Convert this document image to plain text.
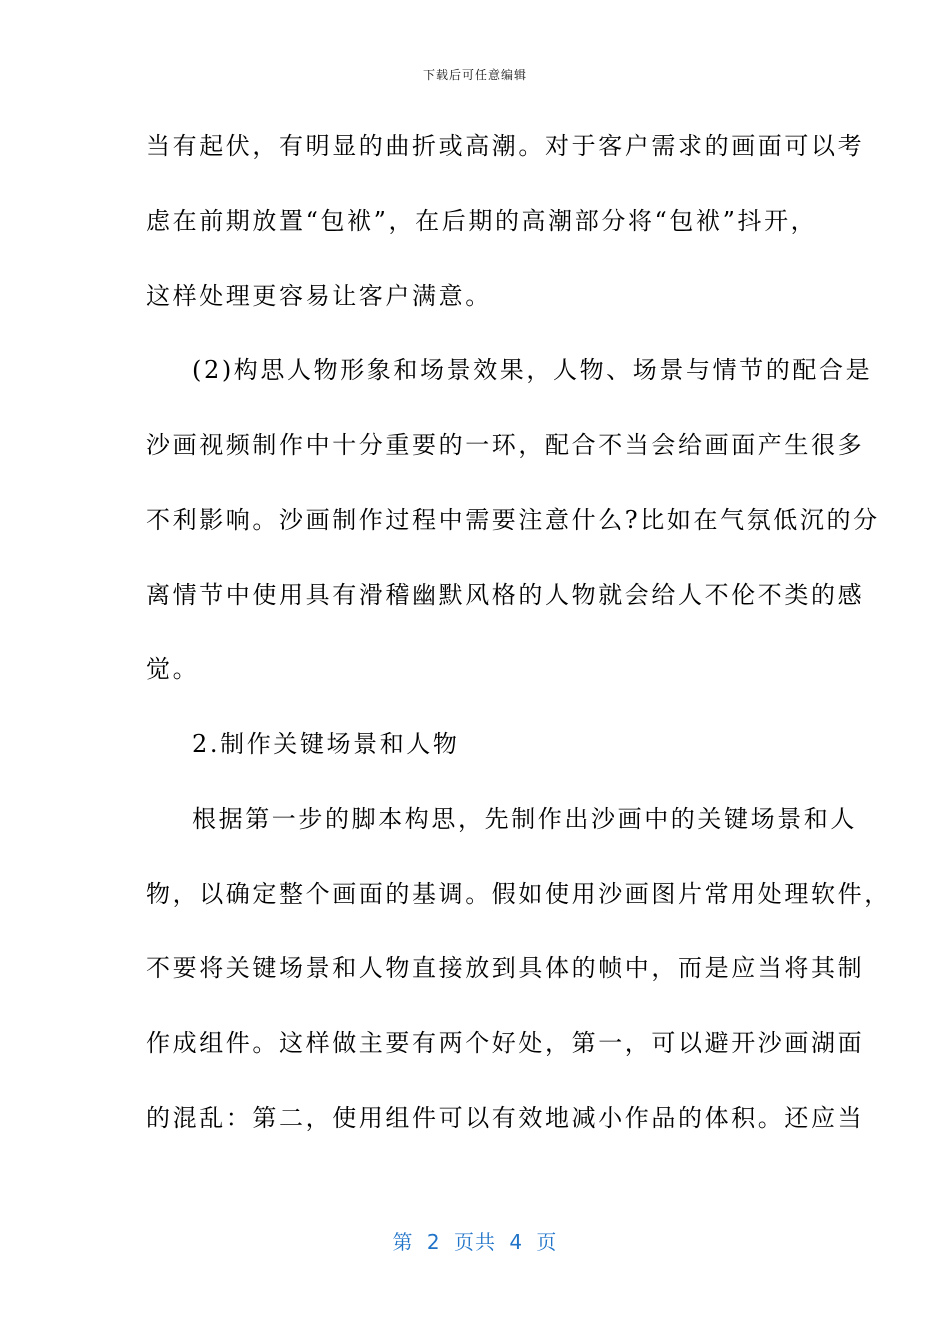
下载后可任意编辑
当有起伏，有明显的曲折或高潮。对于客户需求的画面可以考
虑在前期放置“包袱”，在后期的高潮部分将“包袱”抖开，
这样处理更容易让客户满意。
(2)构思人物形象和场景效果，人物、场景与情节的配合是
沙画视频制作中十分重要的一环，配合不当会给画面产生很多
不利影响。沙画制作过程中需要注意什么?比如在气氛低沉的分
离情节中使用具有滑稽幽默风格的人物就会给人不伦不类的感
觉。
2.制作关键场景和人物
根据第一步的脚本构思，先制作出沙画中的关键场景和人
物，以确定整个画面的基调。假如使用沙画图片常用处理软件，
不要将关键场景和人物直接放到具体的帧中，而是应当将其制
作成组件。这样做主要有两个好处，第一，可以避开沙画湖面
的混乱：第二，使用组件可以有效地减小作品的体积。还应当
第 2 页共 4 页
